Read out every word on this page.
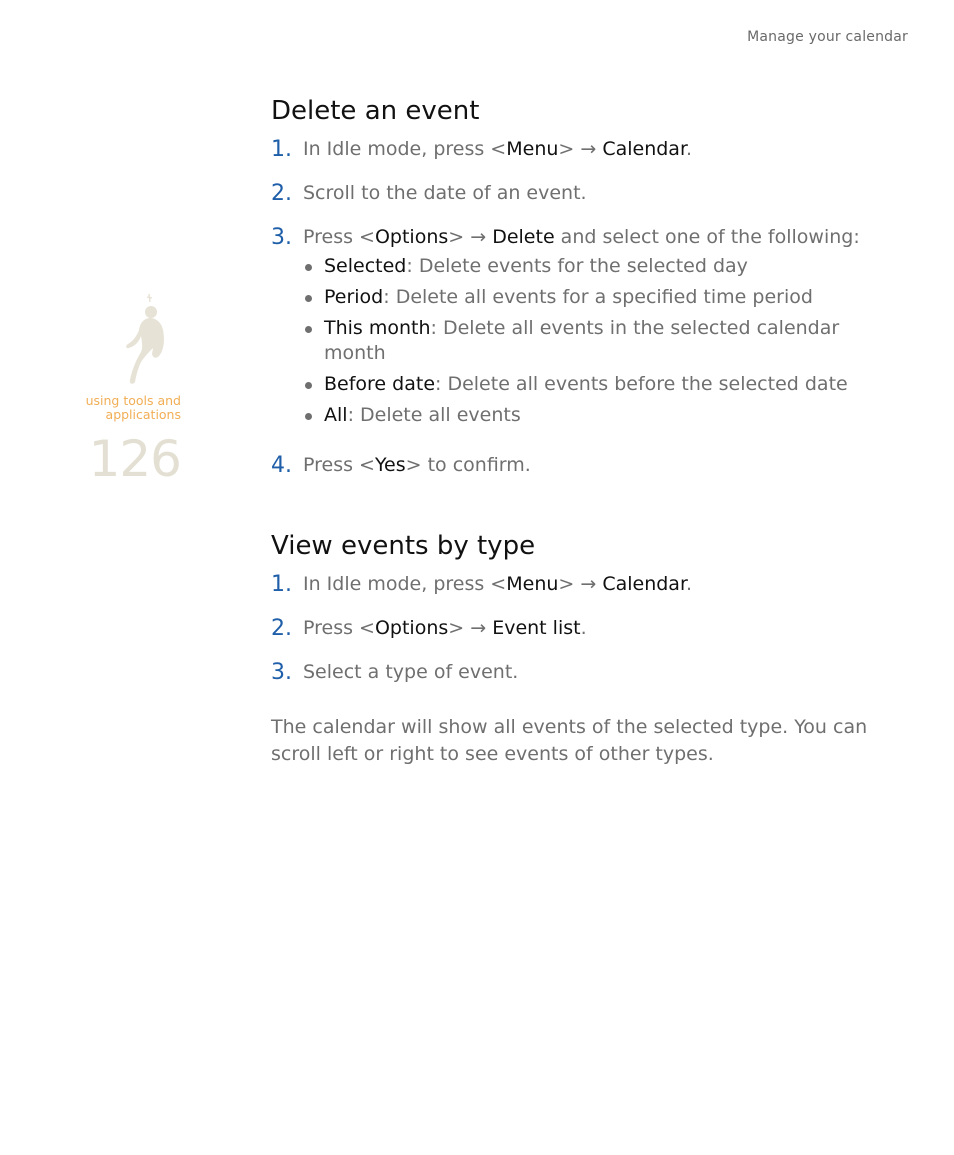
Manage your calendar
using tools and applications
126
Delete an event
1. In Idle mode, press <Menu> → Calendar.
2. Scroll to the date of an event.
3. Press <Options> → Delete and select one of the following:
Selected: Delete events for the selected day
Period: Delete all events for a specified time period
This month: Delete all events in the selected calendar month
Before date: Delete all events before the selected date
All: Delete all events
4. Press <Yes> to confirm.
View events by type
1. In Idle mode, press <Menu> → Calendar.
2. Press <Options> → Event list.
3. Select a type of event.

The calendar will show all events of the selected type. You can scroll left or right to see events of other types.
